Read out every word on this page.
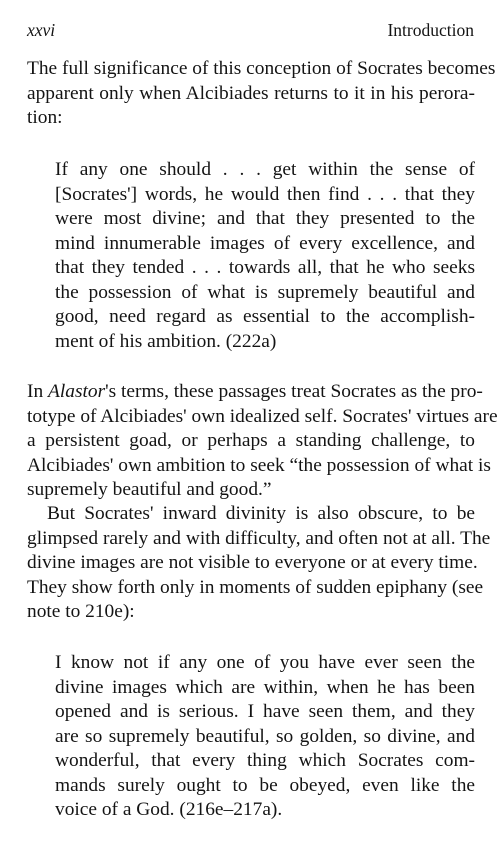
xxvi	Introduction
The full significance of this conception of Socrates becomes
apparent only when Alcibiades returns to it in his perora-
tion:
If any one should . . . get within the sense of
[Socrates'] words, he would then find . . . that they
were most divine; and that they presented to the
mind innumerable images of every excellence, and
that they tended . . . towards all, that he who seeks
the possession of what is supremely beautiful and
good, need regard as essential to the accomplish-
ment of his ambition. (222a)
In Alastor's terms, these passages treat Socrates as the pro-
totype of Alcibiades' own idealized self. Socrates' virtues are
a persistent goad, or perhaps a standing challenge, to
Alcibiades' own ambition to seek “the possession of what is
supremely beautiful and good.”
But Socrates' inward divinity is also obscure, to be
glimpsed rarely and with difficulty, and often not at all. The
divine images are not visible to everyone or at every time.
They show forth only in moments of sudden epiphany (see
note to 210e):
I know not if any one of you have ever seen the
divine images which are within, when he has been
opened and is serious. I have seen them, and they
are so supremely beautiful, so golden, so divine, and
wonderful, that every thing which Socrates com-
mands surely ought to be obeyed, even like the
voice of a God. (216e–217a).
